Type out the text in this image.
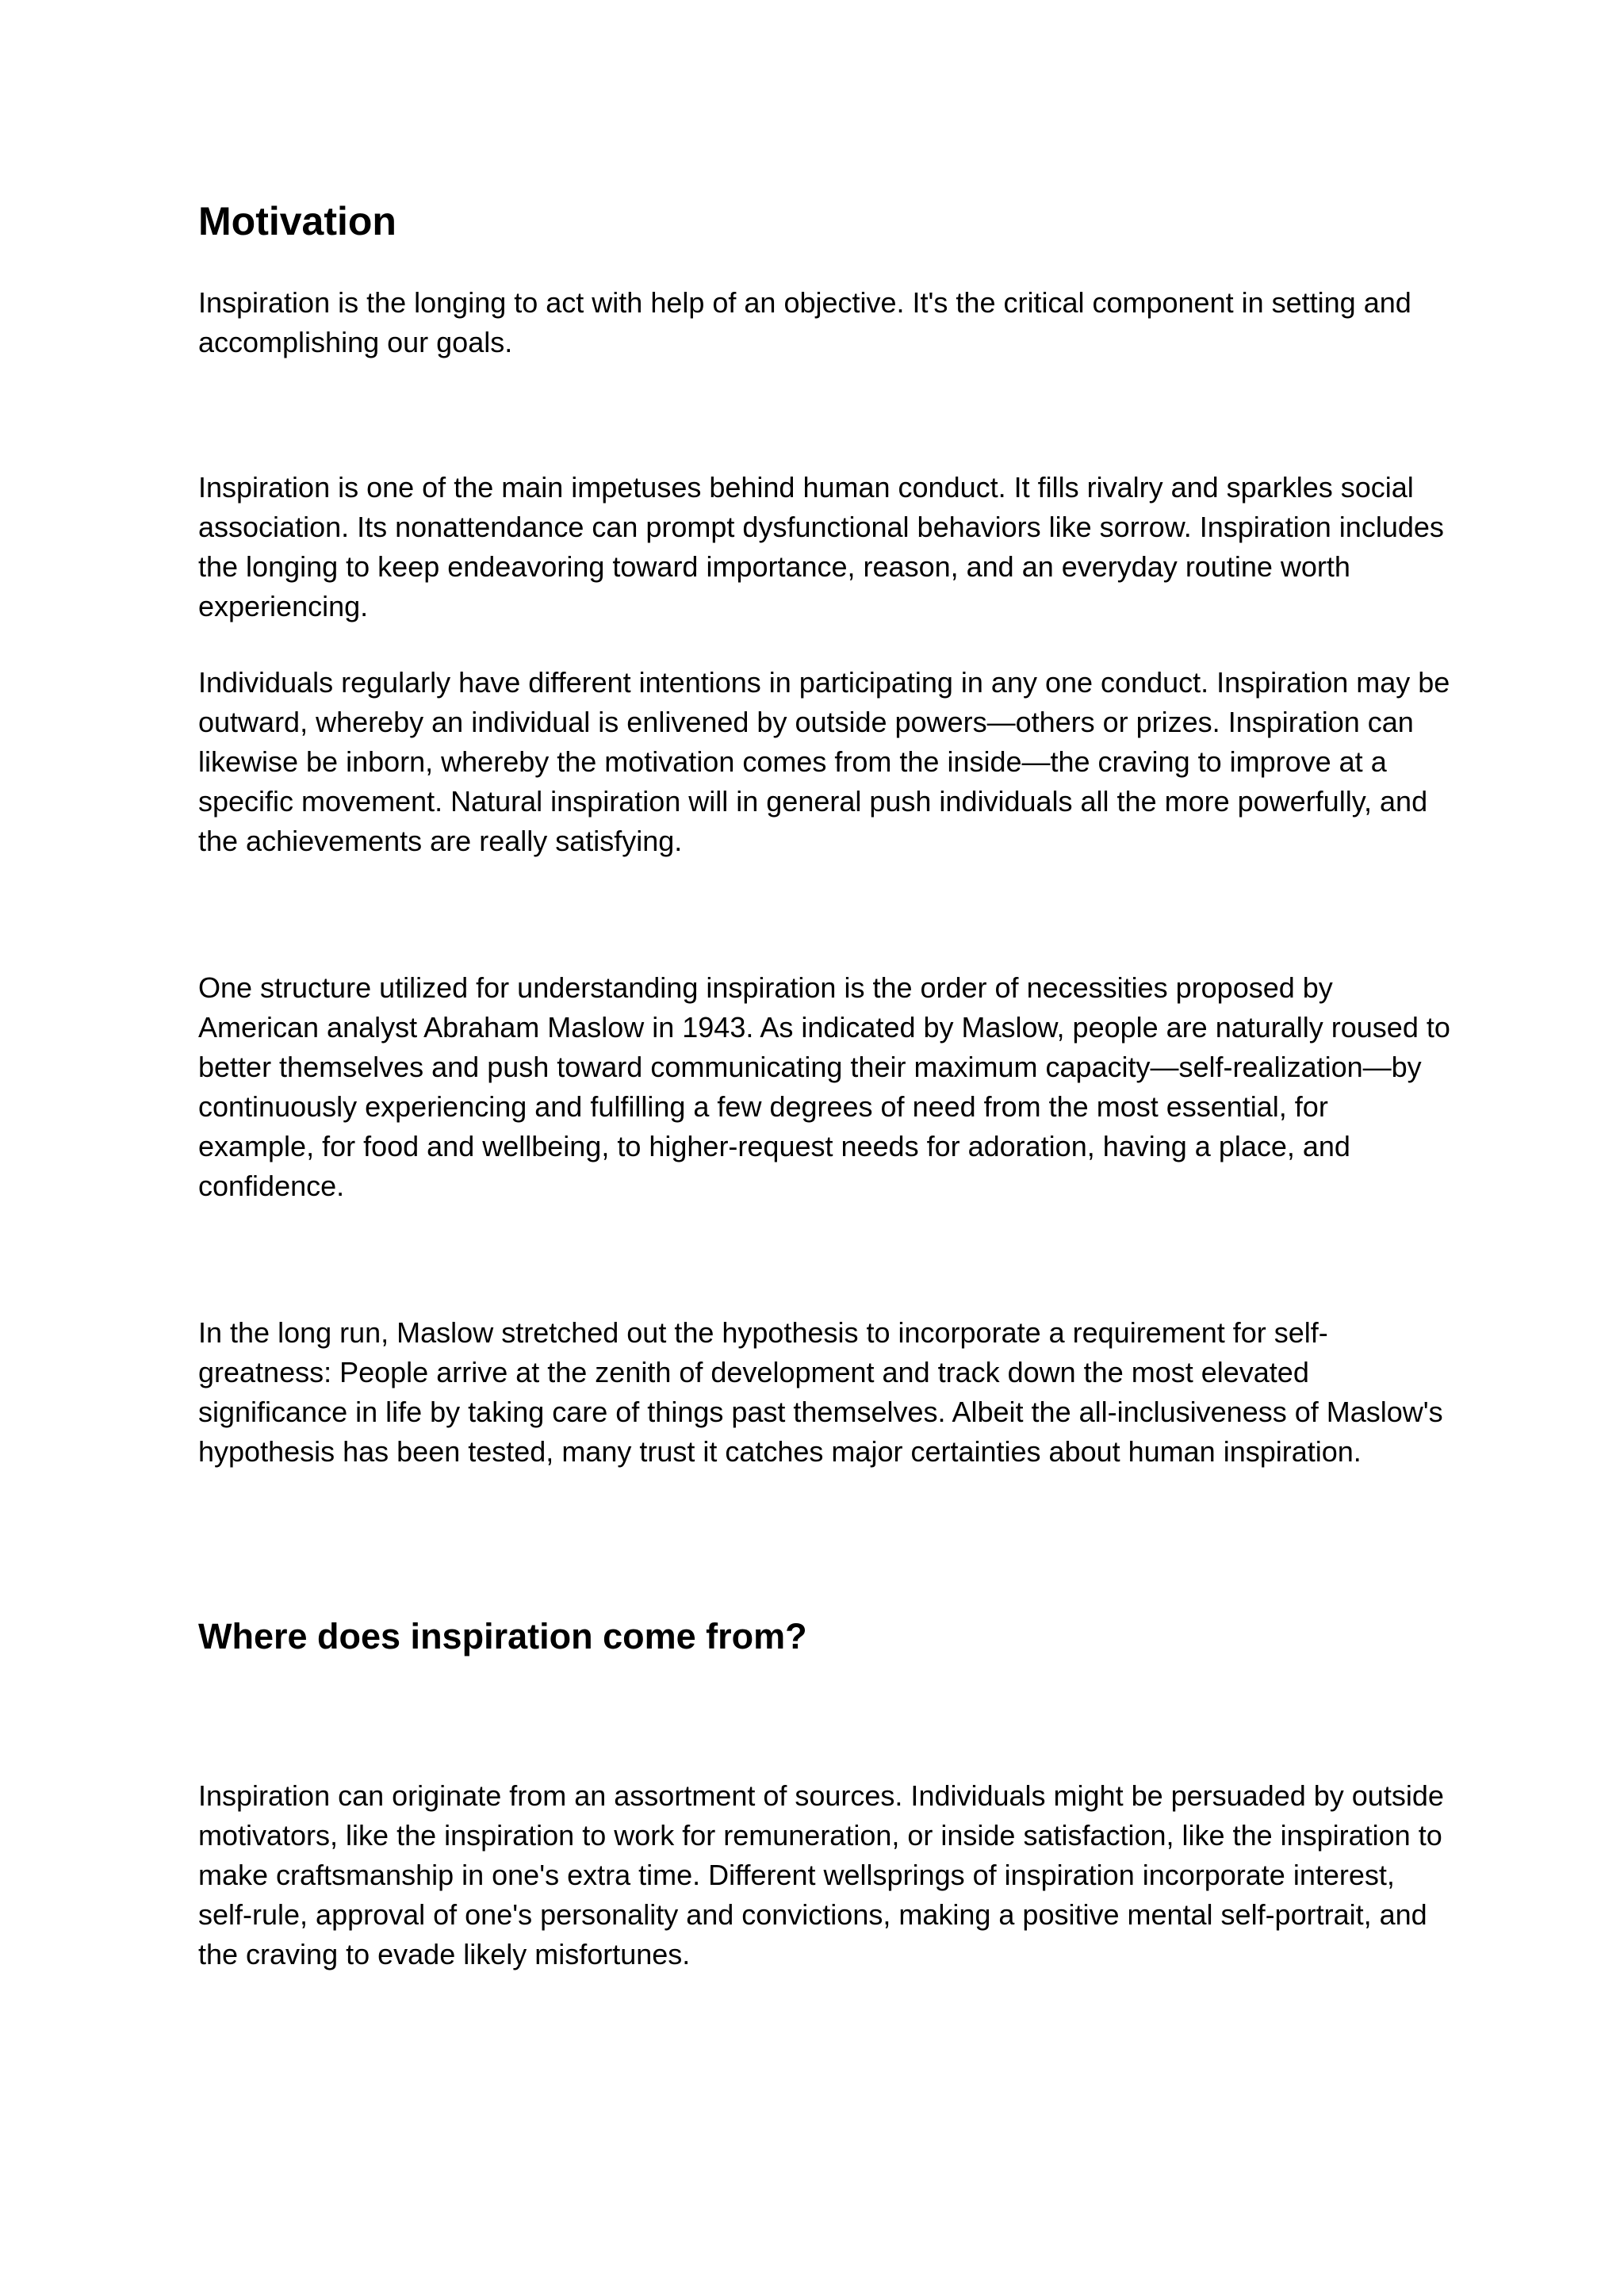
Motivation

Inspiration is the longing to act with help of an objective. It's the critical component in setting and accomplishing our goals.

Inspiration is one of the main impetuses behind human conduct. It fills rivalry and sparkles social association. Its nonattendance can prompt dysfunctional behaviors like sorrow. Inspiration includes the longing to keep endeavoring toward importance, reason, and an everyday routine worth experiencing.

Individuals regularly have different intentions in participating in any one conduct. Inspiration may be outward, whereby an individual is enlivened by outside powers—others or prizes. Inspiration can likewise be inborn, whereby the motivation comes from the inside—the craving to improve at a specific movement. Natural inspiration will in general push individuals all the more powerfully, and the achievements are really satisfying.

One structure utilized for understanding inspiration is the order of necessities proposed by American analyst Abraham Maslow in 1943. As indicated by Maslow, people are naturally roused to better themselves and push toward communicating their maximum capacity—self-realization—by continuously experiencing and fulfilling a few degrees of need from the most essential, for example, for food and wellbeing, to higher-request needs for adoration, having a place, and confidence.

In the long run, Maslow stretched out the hypothesis to incorporate a requirement for self-greatness: People arrive at the zenith of development and track down the most elevated significance in life by taking care of things past themselves. Albeit the all-inclusiveness of Maslow's hypothesis has been tested, many trust it catches major certainties about human inspiration.

Where does inspiration come from?

Inspiration can originate from an assortment of sources. Individuals might be persuaded by outside motivators, like the inspiration to work for remuneration, or inside satisfaction, like the inspiration to make craftsmanship in one's extra time. Different wellsprings of inspiration incorporate interest, self-rule, approval of one's personality and convictions, making a positive mental self-portrait, and the craving to evade likely misfortunes.
